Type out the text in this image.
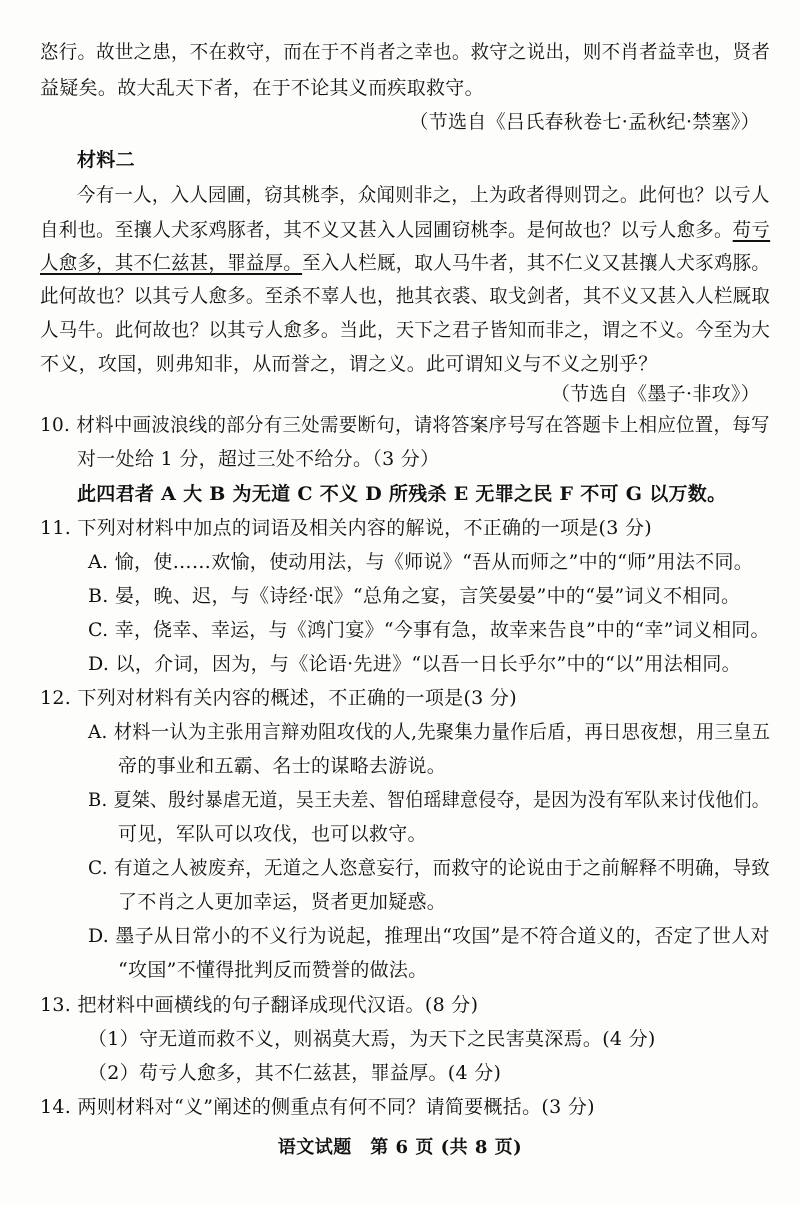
恣行。故世之患，不在救守，而在于不肖者之幸也。救守之说出，则不肖者益幸也，贤者
益疑矣。故大乱天下者，在于不论其义而疾取救守。
（节选自《吕氏春秋卷七·孟秋纪·禁塞》）
材料二
今有一人，入人园圃，窃其桃李，众闻则非之，上为政者得则罚之。此何也？以亏人
自利也。至攘人犬豕鸡豚者，其不义又甚入人园圃窃桃李。是何故也？以亏人愈多。苟亏
人愈多，其不仁兹甚，罪益厚。至入人栏厩，取人马牛者，其不仁义又甚攘人犬豕鸡豚。
此何故也？以其亏人愈多。至杀不辜人也，扡其衣裘、取戈剑者，其不义又甚入人栏厩取
人马牛。此何故也？以其亏人愈多。当此，天下之君子皆知而非之，谓之不义。今至为大
不义，攻国，则弗知非，从而誉之，谓之义。此可谓知义与不义之别乎？
（节选自《墨子·非攻》）
10. 材料中画波浪线的部分有三处需要断句，请将答案序号写在答题卡上相应位置，每写
对一处给 1 分，超过三处不给分。（3 分）
此四君者 A 大 B 为无道 C 不义 D 所残杀 E 无罪之民 F 不可 G 以万数。
11. 下列对材料中加点的词语及相关内容的解说，不正确的一项是(3 分)
A. 愉，使……欢愉，使动用法，与《师说》“吾从而师之”中的“师”用法不同。
B. 晏，晚、迟，与《诗经·氓》“总角之宴，言笑晏晏”中的“晏”词义不相同。
C. 幸，侥幸、幸运，与《鸿门宴》“今事有急，故幸来告良”中的“幸”词义相同。
D. 以，介词，因为，与《论语·先进》“以吾一日长乎尔”中的“以”用法相同。
12. 下列对材料有关内容的概述，不正确的一项是(3 分)
A. 材料一认为主张用言辩劝阻攻伐的人,先聚集力量作后盾，再日思夜想，用三皇五
帝的事业和五霸、名士的谋略去游说。
B. 夏桀、殷纣暴虐无道，吴王夫差、智伯瑶肆意侵夺，是因为没有军队来讨伐他们。
可见，军队可以攻伐，也可以救守。
C. 有道之人被废弃，无道之人恣意妄行，而救守的论说由于之前解释不明确，导致
了不肖之人更加幸运，贤者更加疑惑。
D. 墨子从日常小的不义行为说起，推理出“攻国”是不符合道义的，否定了世人对
“攻国”不懂得批判反而赞誉的做法。
13. 把材料中画横线的句子翻译成现代汉语。(8 分)
（1）守无道而救不义，则祸莫大焉，为天下之民害莫深焉。(4 分)
（2）苟亏人愈多，其不仁兹甚，罪益厚。(4 分)
14. 两则材料对“义”阐述的侧重点有何不同？请简要概括。(3 分)
语文试题　第 6 页 (共 8 页)
